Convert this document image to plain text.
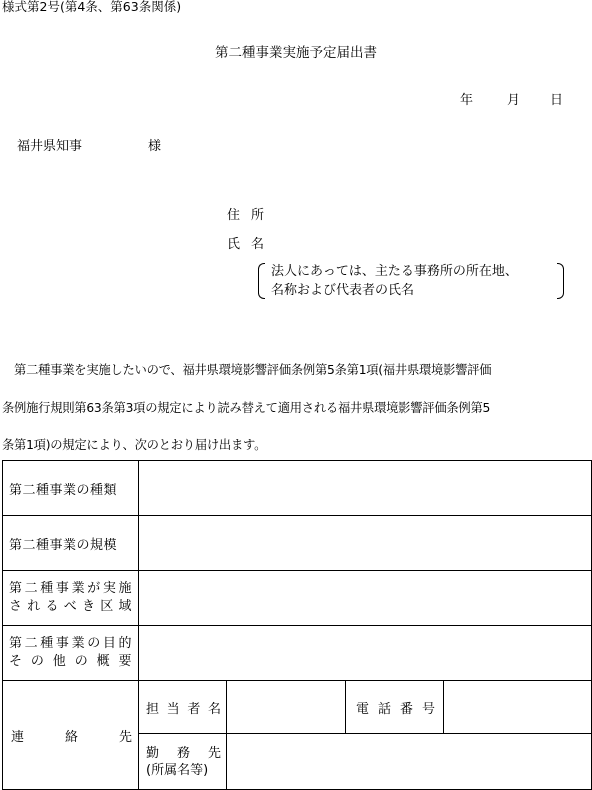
様式第2号(第4条、第63条関係)
第二種事業実施予定届出書
年	月 日
福井県知事	様
住所
氏名
法人にあっては、主たる事務所の所在地、
名称および代表者の氏名
　第二種事業を実施したいので、福井県環境影響評価条例第5条第1項(福井県環境影響評価
条例施行規則第63条第3項の規定により読み替えて適用される福井県環境影響評価条例第5
条第1項)の規定により、次のとおり届け出ます。
第二種事業の種類				
第二種事業の規模				

第二種事業が実施
されるべき区域				

第二種事業の目的
その他の概要				

連絡先	担当者名		電話番号	

	勤務先
(所属名等)			
